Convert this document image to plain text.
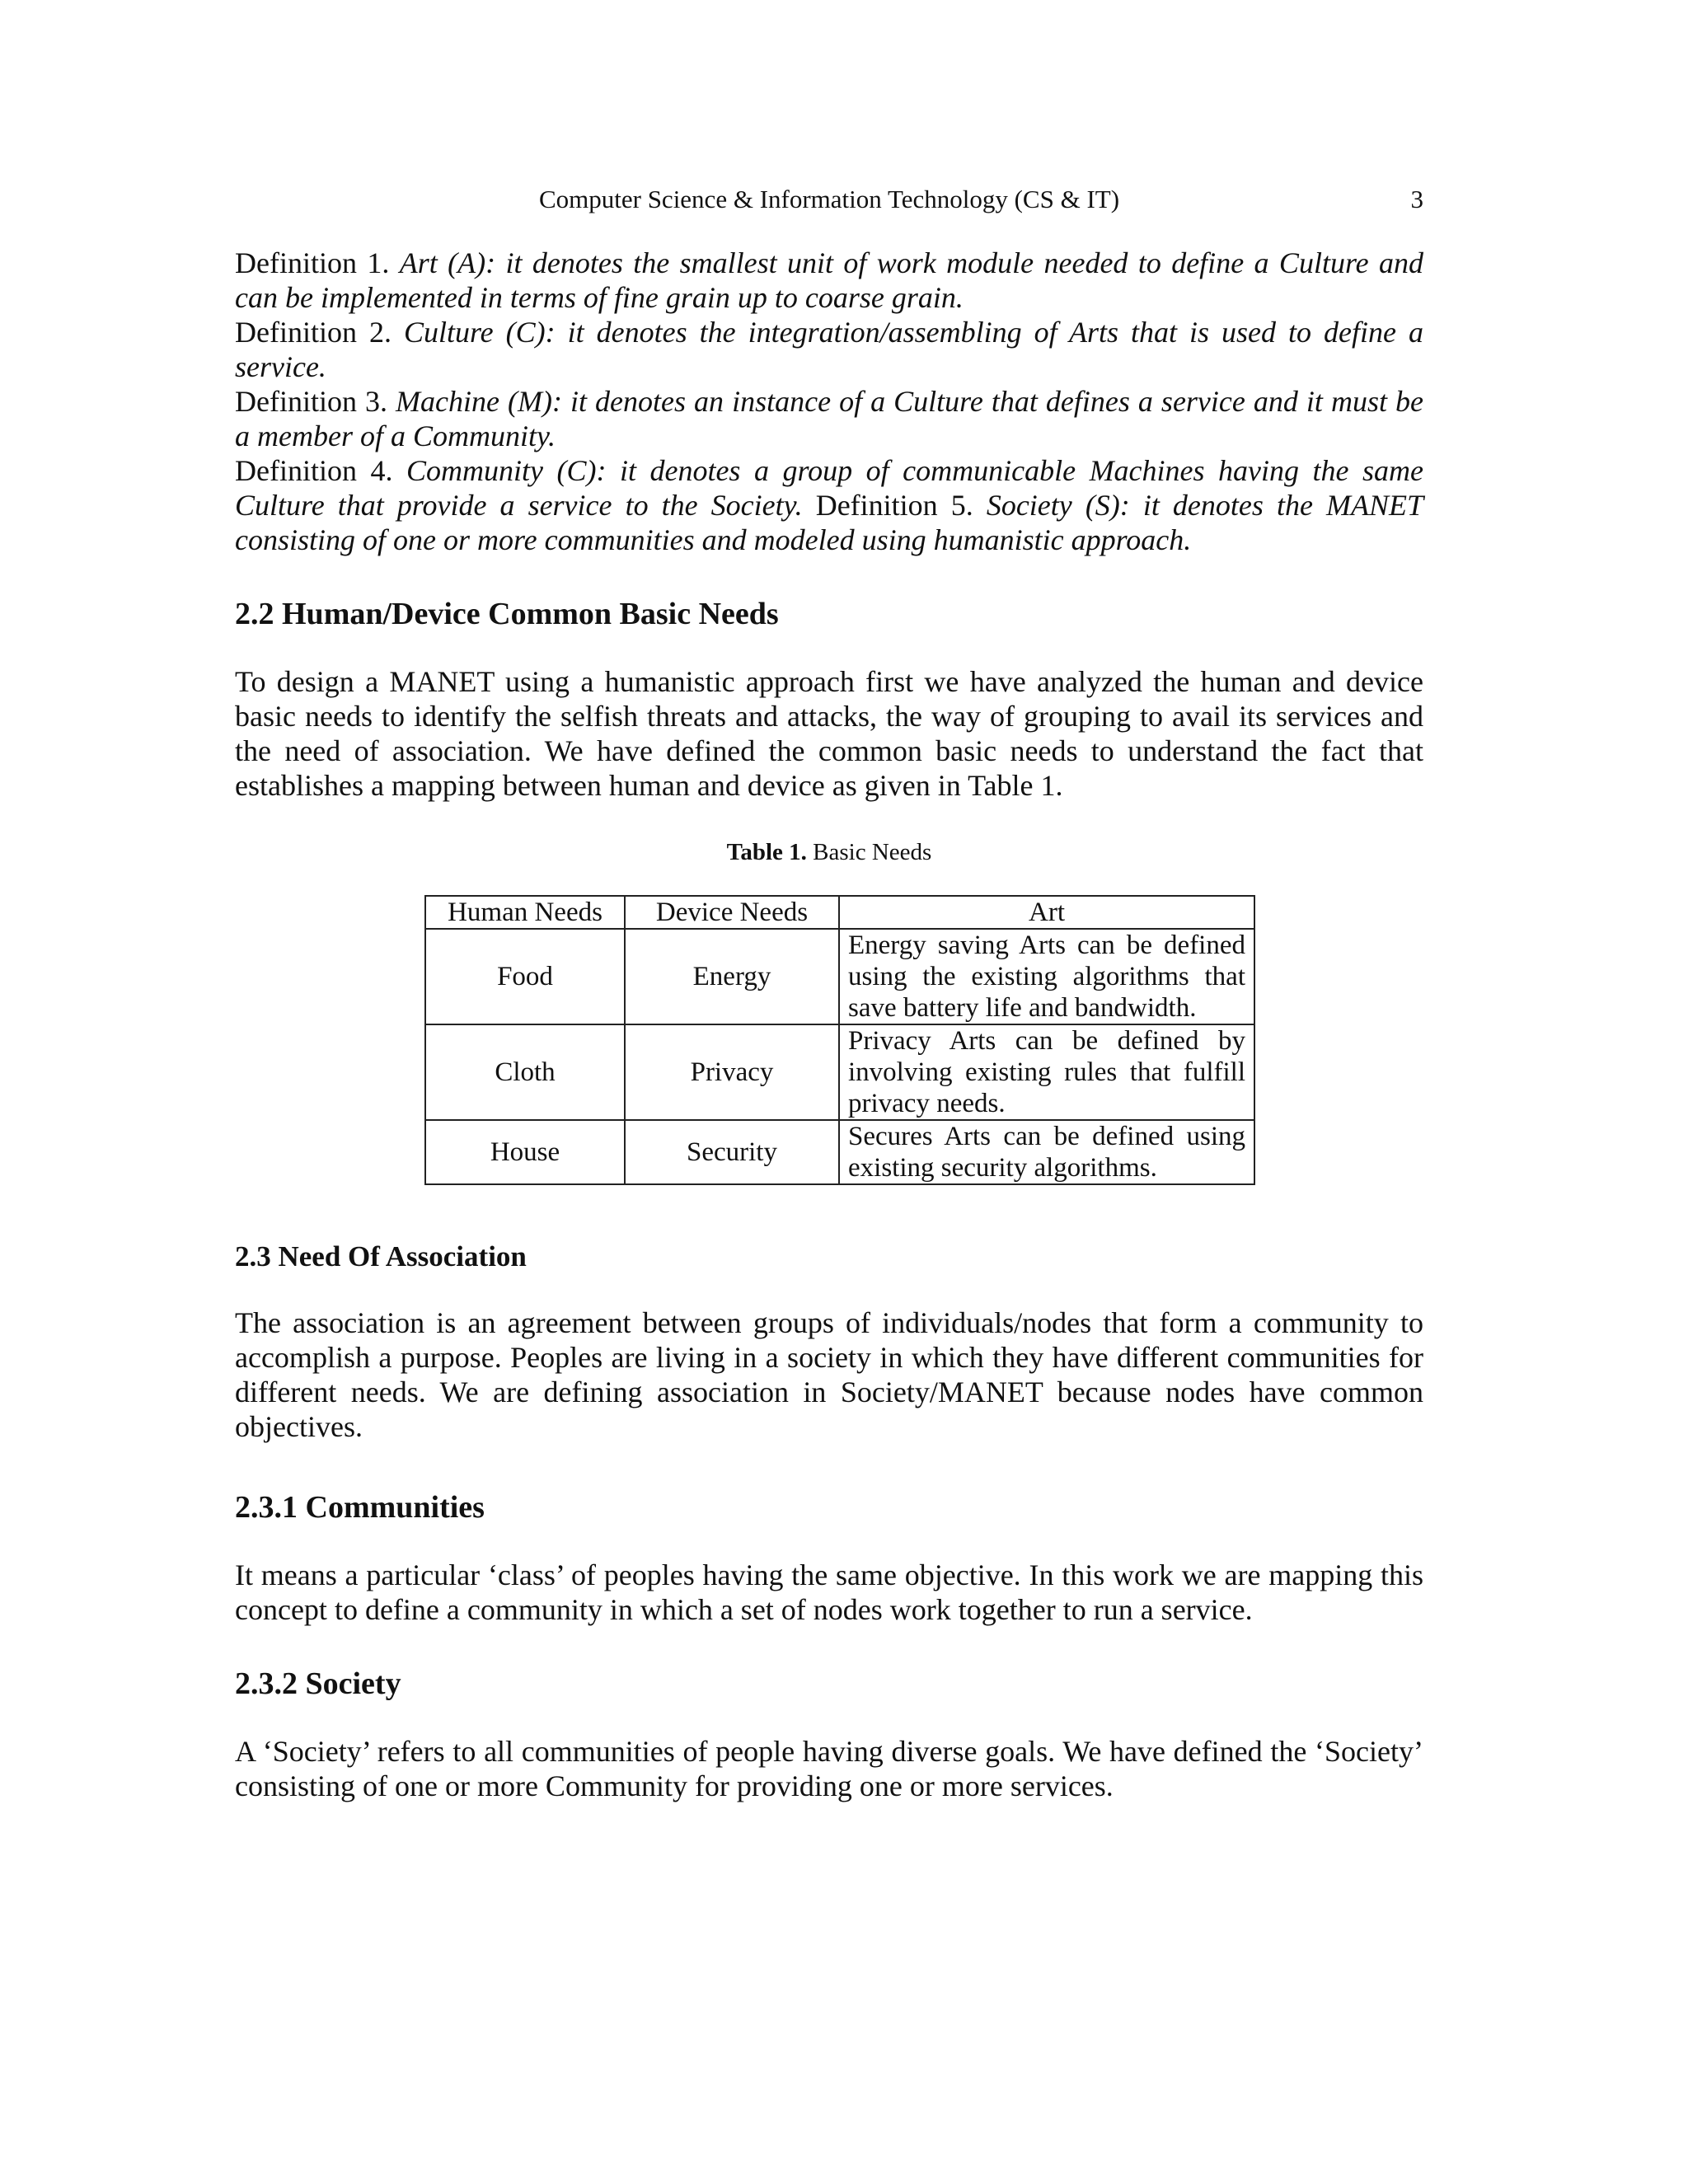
Computer Science & Information Technology (CS & IT)	3

Definition 1. Art (A): it denotes the smallest unit of work module needed to define a Culture and can be implemented in terms of fine grain up to coarse grain.

Definition 2. Culture (C): it denotes the integration/assembling of Arts that is used to define a service.

Definition 3. Machine (M): it denotes an instance of a Culture that defines a service and it must be a member of a Community.

Definition 4. Community (C): it denotes a group of communicable Machines having the same Culture that provide a service to the Society. Definition 5. Society (S): it denotes the MANET consisting of one or more communities and modeled using humanistic approach.

2.2 Human/Device Common Basic Needs

To design a MANET using a humanistic approach first we have analyzed the human and device basic needs to identify the selfish threats and attacks, the way of grouping to avail its services and the need of association. We have defined the common basic needs to understand the fact that establishes a mapping between human and device as given in Table 1.

Table 1. Basic Needs
Human Needs	Device Needs	Art
Food	Energy	Energy saving Arts can be defined using the existing algorithms that save battery life and bandwidth.
Cloth	Privacy	Privacy Arts can be defined by involving existing rules that fulfill privacy needs.
House	Security	Secures Arts can be defined using existing security algorithms.
2.3 Need Of Association

The association is an agreement between groups of individuals/nodes that form a community to accomplish a purpose. Peoples are living in a society in which they have different communities for different needs. We are defining association in Society/MANET because nodes have common objectives.

2.3.1 Communities

It means a particular ‘class’ of peoples having the same objective. In this work we are mapping this concept to define a community in which a set of nodes work together to run a service.

2.3.2 Society

A ‘Society’ refers to all communities of people having diverse goals. We have defined the ‘Society’ consisting of one or more Community for providing one or more services.
